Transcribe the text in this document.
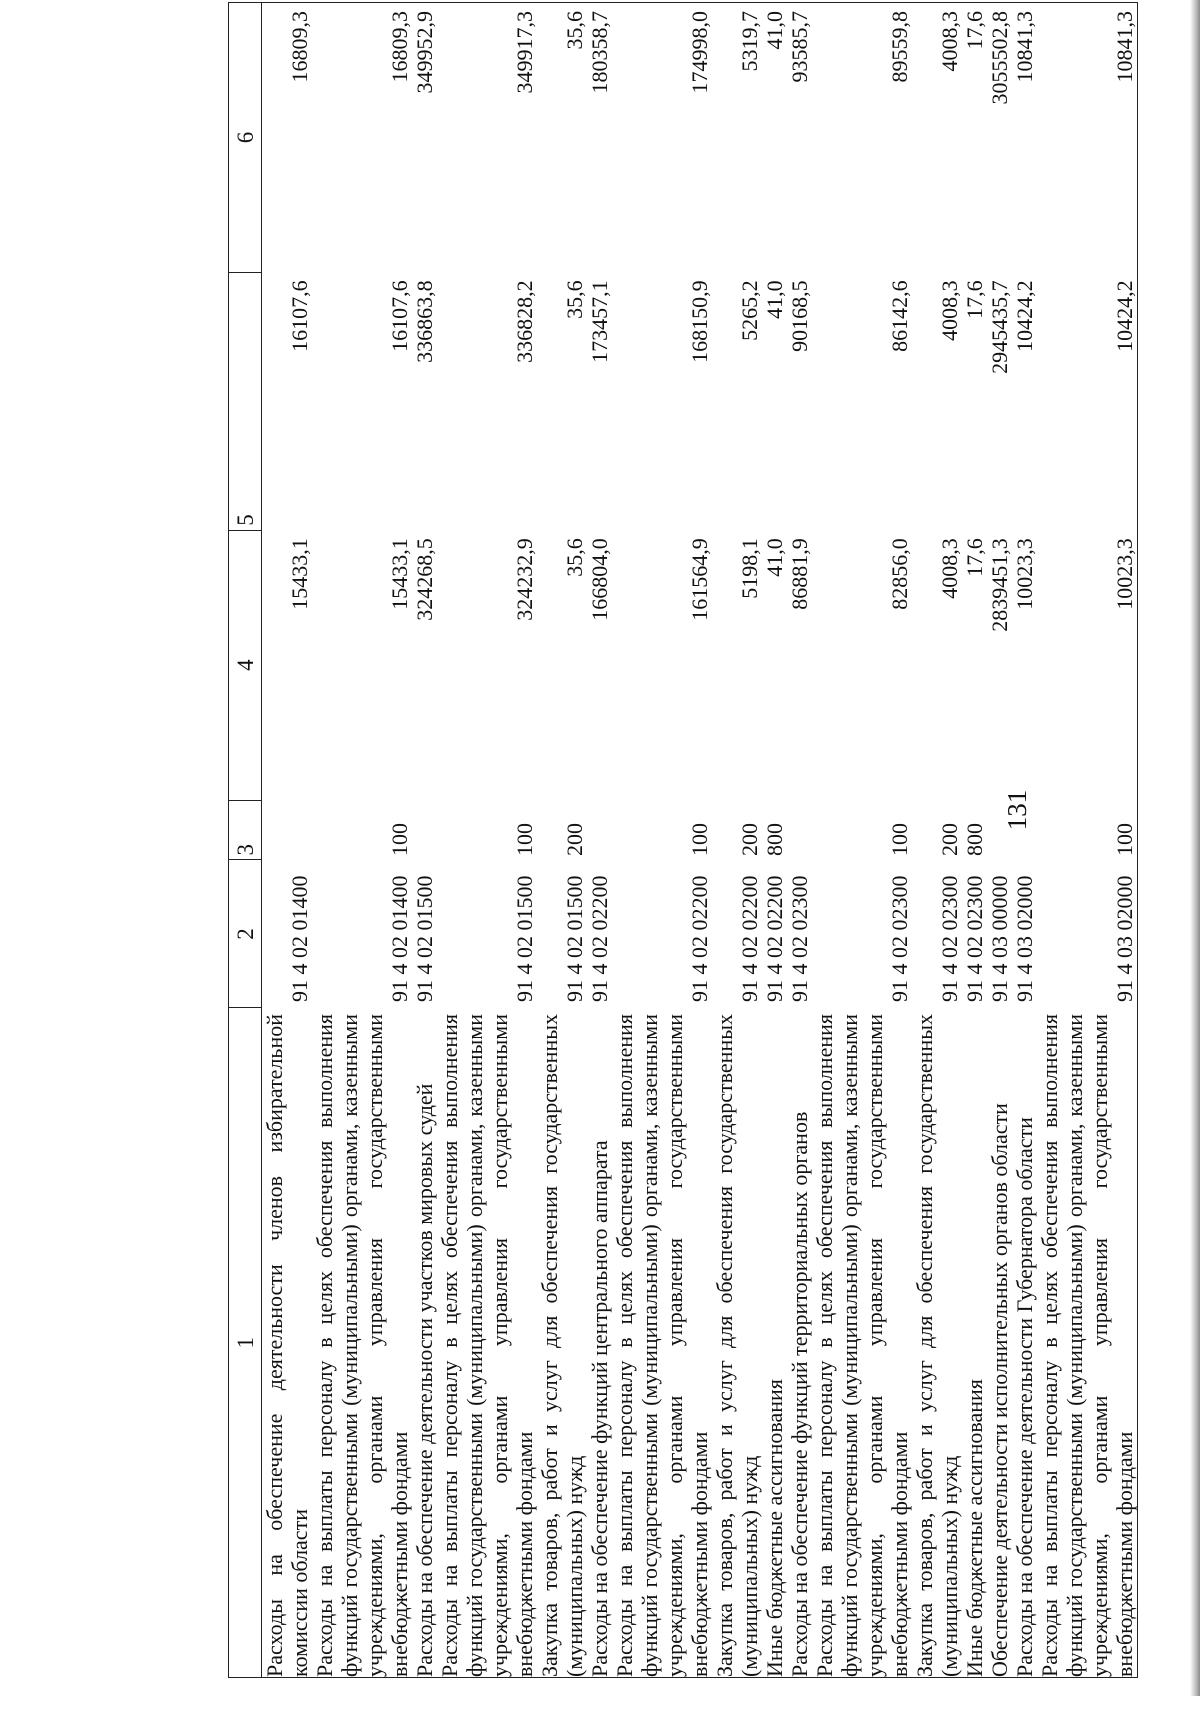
131
1	2	3	4	5	6
Расходы на обеспечение деятельности членов избирательной комиссии области	91 4 02 01400		15433,1	16107,6	16809,3
Расходы на выплаты персоналу в целях обеспечения выполнения функций государственными (муниципальными) органами, казенными учреждениями, органами управления государственными внебюджетными фондами	91 4 02 01400	100	15433,1	16107,6	16809,3
Расходы на обеспечение деятельности участков мировых судей	91 4 02 01500		324268,5	336863,8	349952,9
Расходы на выплаты персоналу в целях обеспечения выполнения функций государственными (муниципальными) органами, казенными учреждениями, органами управления государственными внебюджетными фондами	91 4 02 01500	100	324232,9	336828,2	349917,3
Закупка товаров, работ и услуг для обеспечения государственных (муниципальных) нужд	91 4 02 01500	200	35,6	35,6	35,6
Расходы на обеспечение функций центрального аппарата	91 4 02 02200		166804,0	173457,1	180358,7
Расходы на выплаты персоналу в целях обеспечения выполнения функций государственными (муниципальными) органами, казенными учреждениями, органами управления государственными внебюджетными фондами	91 4 02 02200	100	161564,9	168150,9	174998,0
Закупка товаров, работ и услуг для обеспечения государственных (муниципальных) нужд	91 4 02 02200	200	5198,1	5265,2	5319,7
Иные бюджетные ассигнования	91 4 02 02200	800	41,0	41,0	41,0
Расходы на обеспечение функций территориальных органов	91 4 02 02300		86881,9	90168,5	93585,7
Расходы на выплаты персоналу в целях обеспечения выполнения функций государственными (муниципальными) органами, казенными учреждениями, органами управления государственными внебюджетными фондами	91 4 02 02300	100	82856,0	86142,6	89559,8
Закупка товаров, работ и услуг для обеспечения государственных (муниципальных) нужд	91 4 02 02300	200	4008,3	4008,3	4008,3
Иные бюджетные ассигнования	91 4 02 02300	800	17,6	17,6	17,6
Обеспечение деятельности исполнительных органов области	91 4 03 00000		2839451,3	2945435,7	3055502,8
Расходы на обеспечение деятельности Губернатора области	91 4 03 02000		10023,3	10424,2	10841,3
Расходы на выплаты персоналу в целях обеспечения выполнения функций государственными (муниципальными) органами, казенными учреждениями, органами управления государственными внебюджетными фондами	91 4 03 02000	100	10023,3	10424,2	10841,3
